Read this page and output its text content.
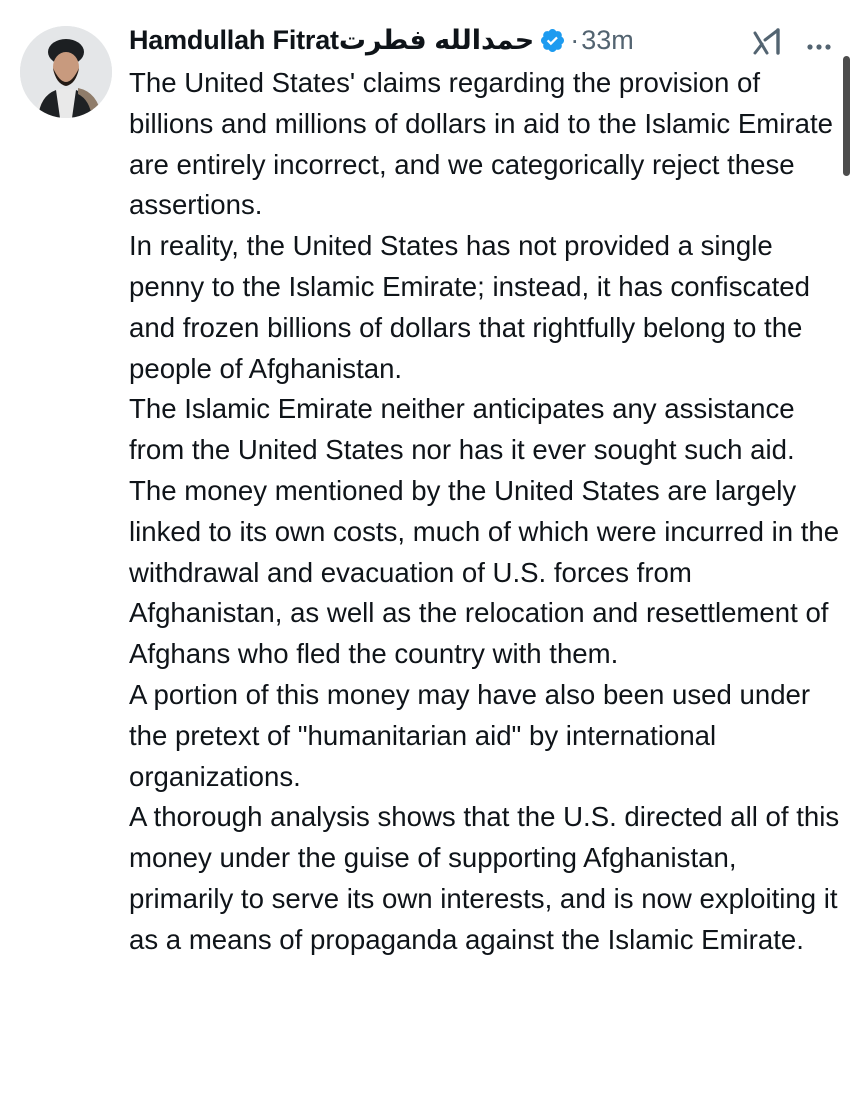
Hamdullah Fitratحمدالله فطرت · 33m

The United States' claims regarding the provision of billions and millions of dollars in aid to the Islamic Emirate are entirely incorrect, and we categorically reject these assertions.

In reality, the United States has not provided a single penny to the Islamic Emirate; instead, it has confiscated and frozen billions of dollars that rightfully belong to the people of Afghanistan.

The Islamic Emirate neither anticipates any assistance from the United States nor has it ever sought such aid.

The money mentioned by the United States are largely linked to its own costs, much of which were incurred in the withdrawal and evacuation of U.S. forces from Afghanistan, as well as the relocation and resettlement of Afghans who fled the country with them.

A portion of this money may have also been used under the pretext of "humanitarian aid" by international organizations.

A thorough analysis shows that the U.S. directed all of this money under the guise of supporting Afghanistan, primarily to serve its own interests, and is now exploiting it as a means of propaganda against the Islamic Emirate.
